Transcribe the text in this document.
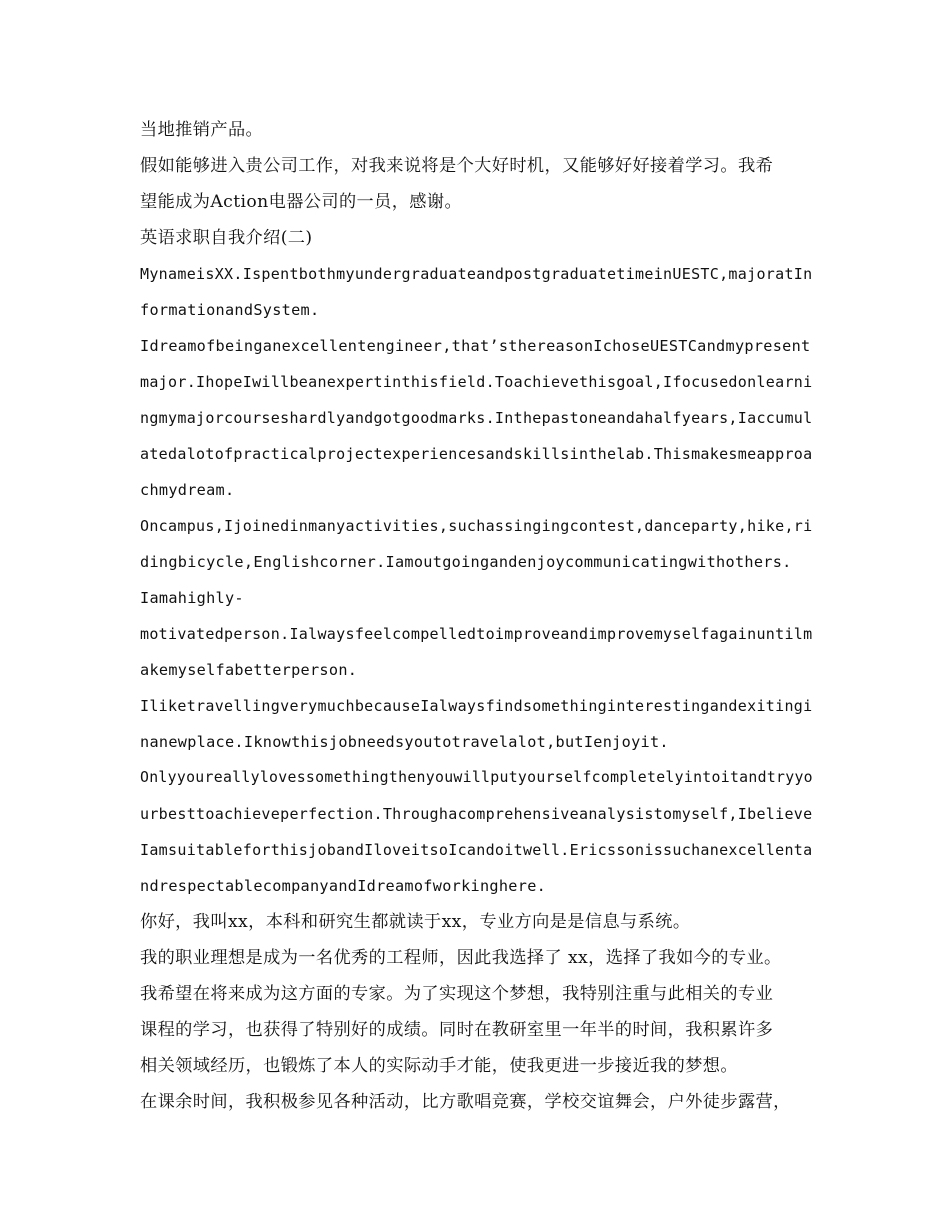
当地推销产品。
假如能够进入贵公司工作，对我来说将是个大好时机，又能够好好接着学习。我希
望能成为Action电器公司的一员，感谢。
英语求职自我介绍(二)
MynameisXX.IspentbothmyundergraduateandpostgraduatetimeinUESTC,majoratIn
formationandSystem.
Idreamofbeinganexcellentengineer,that’sthereasonIchoseUESTCandmypresent
major.IhopeIwillbeanexpertinthisfield.Toachievethisgoal,Ifocusedonlearni
ngmymajorcourseshardlyandgotgoodmarks.Inthepastoneandahalfyears,Iaccumul
atedalotofpracticalprojectexperiencesandskillsinthelab.Thismakesmeapproa
chmydream.
Oncampus,Ijoinedinmanyactivities,suchassingingcontest,danceparty,hike,ri
dingbicycle,Englishcorner.Iamoutgoingandenjoycommunicatingwithothers.
Iamahighly-
motivatedperson.Ialwaysfeelcompelledtoimproveandimprovemyselfagainuntilm
akemyselfabetterperson.
IliketravellingverymuchbecauseIalwaysfindsomethinginterestingandexitingi
nanewplace.Iknowthisjobneedsyoutotravelalot,butIenjoyit.
Onlyyoureallylovessomethingthenyouwillputyourselfcompletelyintoitandtryyo
urbesttoachieveperfection.Throughacomprehensiveanalysistomyself,Ibelieve
IamsuitableforthisjobandIloveitsoIcandoitwell.Ericssonissuchanexcellenta
ndrespectablecompanyandIdreamofworkinghere.
你好，我叫xx，本科和研究生都就读于xx，专业方向是是信息与系统。
我的职业理想是成为一名优秀的工程师，因此我选择了 xx，选择了我如今的专业。
我希望在将来成为这方面的专家。为了实现这个梦想，我特别注重与此相关的专业
课程的学习，也获得了特别好的成绩。同时在教研室里一年半的时间，我积累许多
相关领域经历，也锻炼了本人的实际动手才能，使我更进一步接近我的梦想。
在课余时间，我积极参见各种活动，比方歌唱竞赛，学校交谊舞会，户外徒步露营，
